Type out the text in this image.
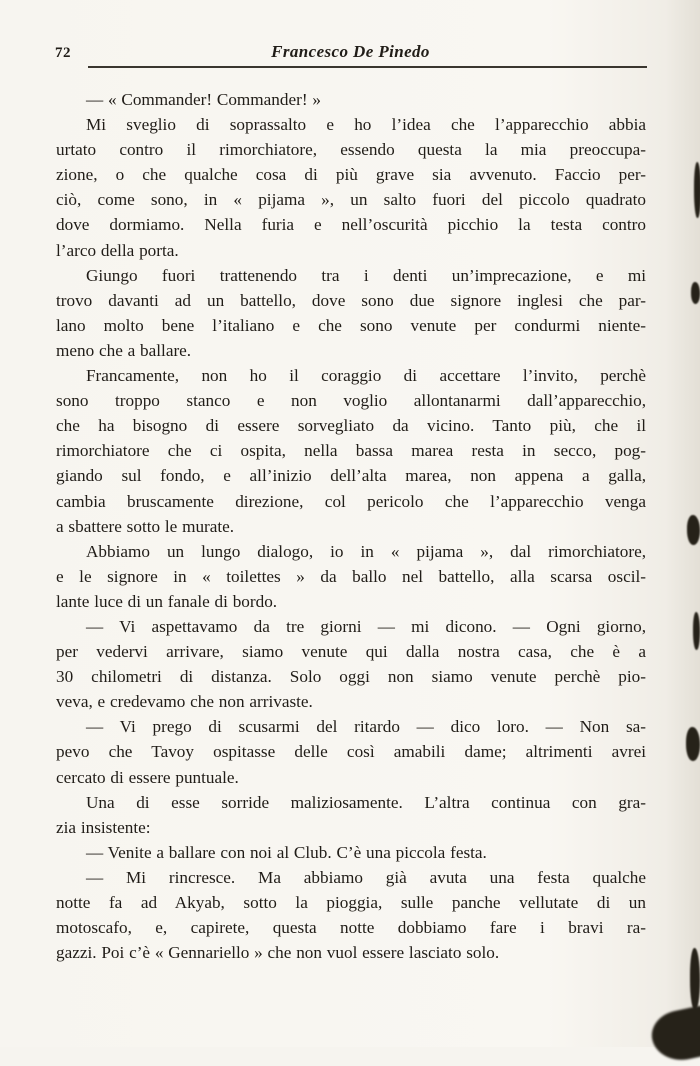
72	Francesco De Pinedo
— « Commander! Commander! »
Mi sveglio di soprassalto e ho l’idea che l’apparecchio abbia
urtato contro il rimorchiatore, essendo questa la mia preoccupa-
zione, o che qualche cosa di più grave sia avvenuto. Faccio per-
ciò, come sono, in « pijama », un salto fuori del piccolo quadrato
dove dormiamo. Nella furia e nell’oscurità picchio la testa contro
l’arco della porta.
Giungo fuori trattenendo tra i denti un’imprecazione, e mi
trovo davanti ad un battello, dove sono due signore inglesi che par-
lano molto bene l’italiano e che sono venute per condurmi niente-
meno che a ballare.
Francamente, non ho il coraggio di accettare l’invito, perchè
sono troppo stanco e non voglio allontanarmi dall’apparecchio,
che ha bisogno di essere sorvegliato da vicino. Tanto più, che il
rimorchiatore che ci ospita, nella bassa marea resta in secco, pog-
giando sul fondo, e all’inizio dell’alta marea, non appena a galla,
cambia bruscamente direzione, col pericolo che l’apparecchio venga
a sbattere sotto le murate.
Abbiamo un lungo dialogo, io in « pijama », dal rimorchiatore,
e le signore in « toilettes » da ballo nel battello, alla scarsa oscil-
lante luce di un fanale di bordo.
— Vi aspettavamo da tre giorni — mi dicono. — Ogni giorno,
per vedervi arrivare, siamo venute qui dalla nostra casa, che è a
30 chilometri di distanza. Solo oggi non siamo venute perchè pio-
veva, e credevamo che non arrivaste.
— Vi prego di scusarmi del ritardo — dico loro. — Non sa-
pevo che Tavoy ospitasse delle così amabili dame; altrimenti avrei
cercato di essere puntuale.
Una di esse sorride maliziosamente. L’altra continua con gra-
zia insistente:
— Venite a ballare con noi al Club. C’è una piccola festa.
— Mi rincresce. Ma abbiamo già avuta una festa qualche
notte fa ad Akyab, sotto la pioggia, sulle panche vellutate di un
motoscafo, e, capirete, questa notte dobbiamo fare i bravi ra-
gazzi. Poi c’è « Gennariello » che non vuol essere lasciato solo.
